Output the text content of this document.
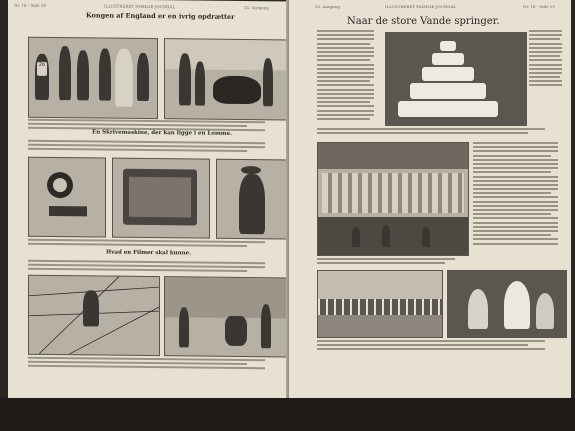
Nr. 16 - Side 18	ILLUSTRERET FAMILIE-JOURNAL	35. Aargang
Kongen af England er en ivrig opdrætter
26
En Skrivemaskine, der kan ligge i en Lomme.
Hvad en Filmer skal kunne.
35. Aargang	ILLUSTRERET FAMILIE-JOURNAL	Nr. 16 - Side 19
Naar de store Vande springer.
